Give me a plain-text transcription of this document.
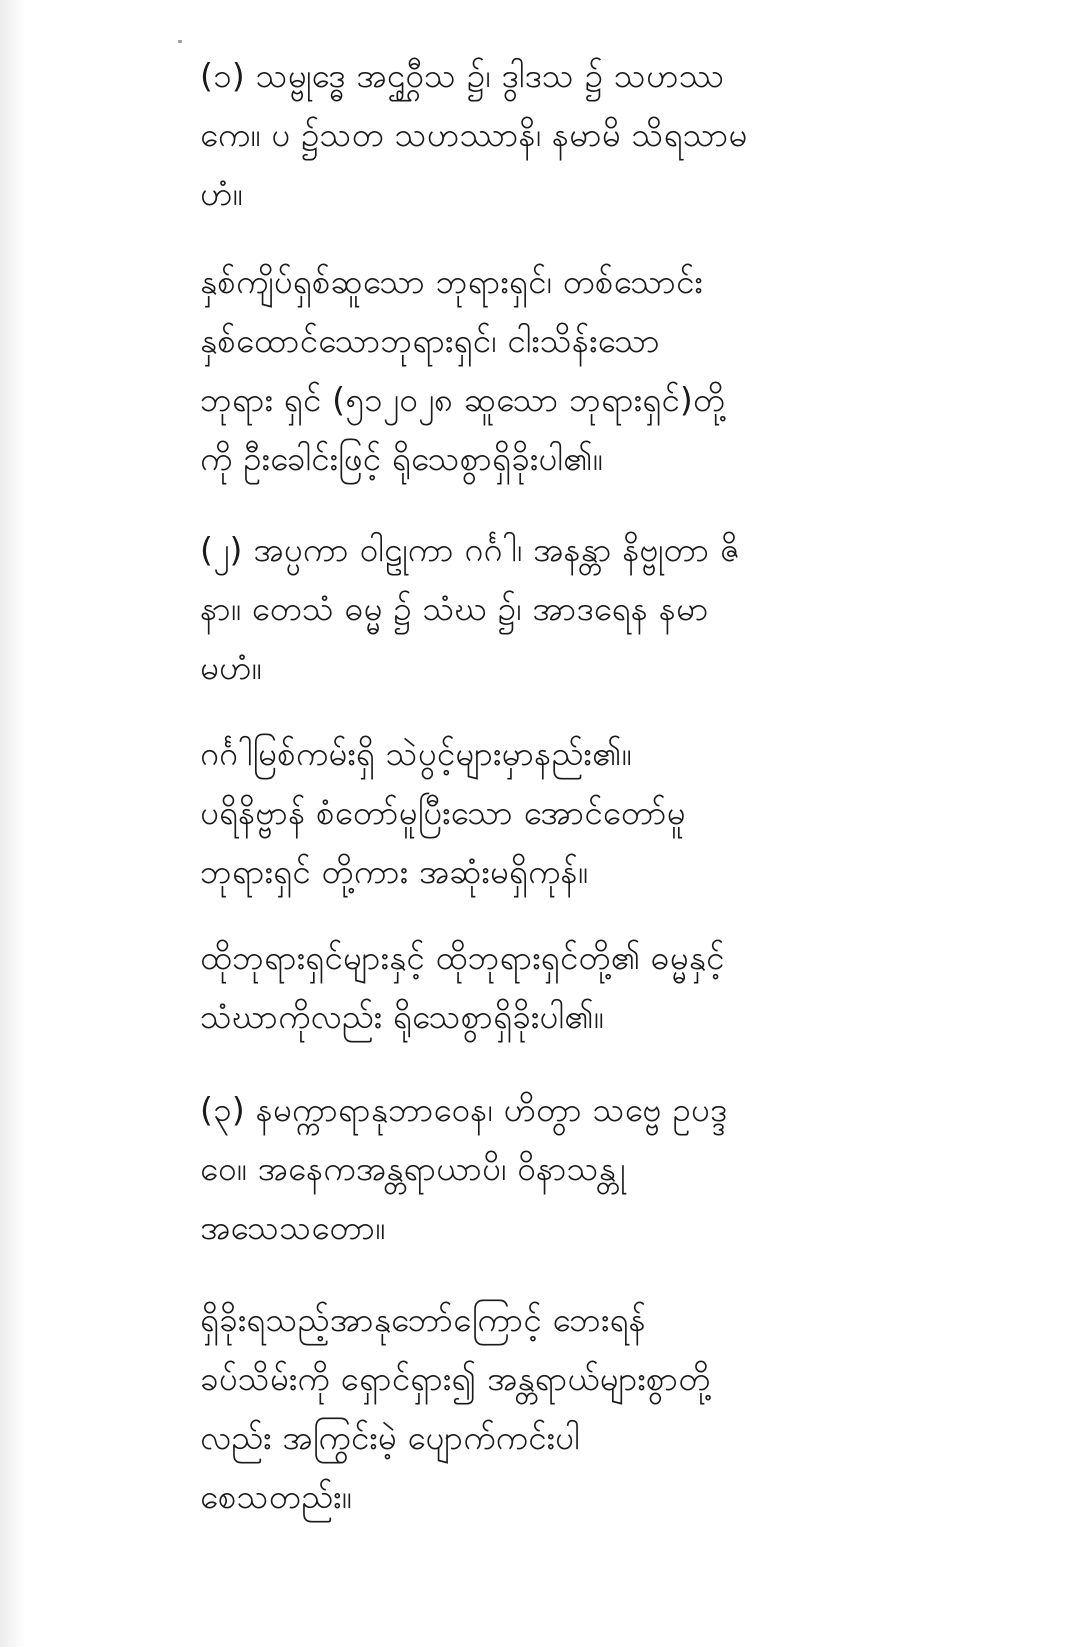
(၁) သမ္ဗုဒ္ဓေ အဌ္ဌဝီသ ၌၊ ဒွါဒသ ၌ သဟဿ
ကေ။ ပ ၌သတ သဟဿာနိ၊ နမာမိ သိရသာမ
ဟံ။
နှစ်ကျိပ်ရှစ်ဆူသော ဘုရားရှင်၊ တစ်သောင်း
နှစ်ထောင်သောဘုရားရှင်၊ ငါးသိန်းသော
ဘုရား ရှင် (၅၁၂၀၂၈ ဆူသော ဘုရားရှင်)တို့
ကို ဦးခေါင်းဖြင့် ရိုသေစွာရှိခိုးပါ၏။
(၂) အပ္ပကာ ဝါဠုကာ ဂင်္ဂါ၊ အနန္တာ နိဗ္ဗုတာ ဇိ
နာ။ တေသံ ဓမ္မ ၌ သံဃ ၌၊ အာဒရေန နမာ
မဟံ။
ဂင်္ဂါမြစ်ကမ်းရှိ သဲပွင့်များမှာနည်း၏။
ပရိနိဗ္ဗာန် စံတော်မူပြီးသော အောင်တော်မူ
ဘုရားရှင် တို့ကား အဆုံးမရှိကုန်။
ထိုဘုရားရှင်များနှင့် ထိုဘုရားရှင်တို့၏ ဓမ္မနှင့်
သံဃာကိုလည်း ရိုသေစွာရှိခိုးပါ၏။
(၃) နမက္ကာရာနုဘာဝေန၊ ဟိတွာ သဗ္ဗေ ဥပဒ္ဒ
ဝေ။ အနေကအန္တရာယာပိ၊ ဝိနာသန္တု
အသေသတော။
ရှိခိုးရသည့်အာနုဘော်ကြောင့် ဘေးရန်
ခပ်သိမ်းကို ရှောင်ရှား၍ အန္တရာယ်များစွာတို့
လည်း အကြွင်းမဲ့ ပျောက်ကင်းပါ
စေသတည်း။
